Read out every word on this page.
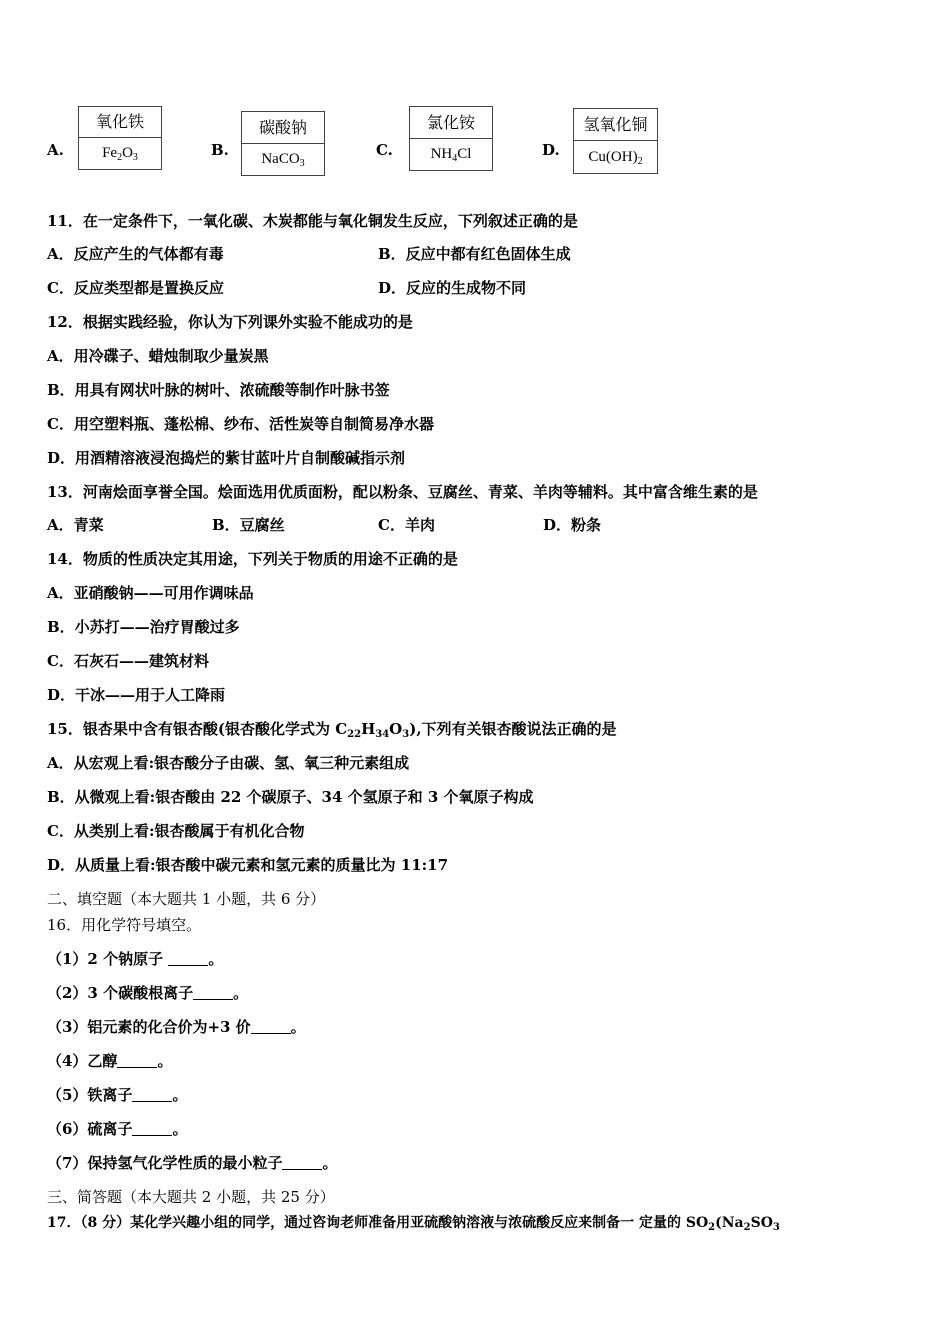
A.
氧化铁
$Fe_2O_3$	B.
碳酸钠
NaCO$_3$
C.
氯化铵
$NH_4Cl$	D.
氢氧化铜
$Cu(OH)_2$
11．在一定条件下，一氧化碳、木炭都能与氧化铜发生反应，下列叙述正确的是
A．反应产生的气体都有毒	B．反应中都有红色固体生成
C．反应类型都是置换反应	D．反应的生成物不同
12．根据实践经验，你认为下列课外实验不能成功的是
A．用冷碟子、蜡烛制取少量炭黑
B．用具有网状叶脉的树叶、浓硫酸等制作叶脉书签
C．用空塑料瓶、蓬松棉、纱布、活性炭等自制简易净水器
D．用酒精溶液浸泡捣烂的紫甘蓝叶片自制酸碱指示剂
13．河南烩面享誉全国。烩面选用优质面粉，配以粉条、豆腐丝、青菜、羊肉等辅料。其中富含维生素的是
A．青菜	B．豆腐丝	C．羊肉	D．粉条
14．物质的性质决定其用途，下列关于物质的用途不正确的是
A．亚硝酸钠——可用作调味品
B．小苏打——治疗胃酸过多
C．石灰石——建筑材料
D．干冰——用于人工降雨
15．银杏果中含有银杏酸(银杏酸化学式为 $C_{22}H_{34}O_3$),下列有关银杏酸说法正确的是
A．从宏观上看:银杏酸分子由碳、氢、氧三种元素组成
B．从微观上看:银杏酸由 22 个碳原子、34 个氢原子和 3 个氧原子构成
C．从类别上看:银杏酸属于有机化合物
D．从质量上看:银杏酸中碳元素和氢元素的质量比为 11:17
二、填空题（本大题共 1 小题，共 6 分）
16．用化学符号填空。
（1）2 个钠原子	。
（2）3 个碳酸根离子	。
（3）铝元素的化合价为+3 价	。
（4）乙醇	。
（5）铁离子	。
（6）硫离子	。
（7）保持氢气化学性质的最小粒子	。
三、简答题（本大题共 2 小题，共 25 分）
17．（8 分）某化学兴趣小组的同学，通过咨询老师准备用亚硫酸钠溶液与浓硫酸反应来制备一 定量的 $SO_2(Na_2SO_3$
